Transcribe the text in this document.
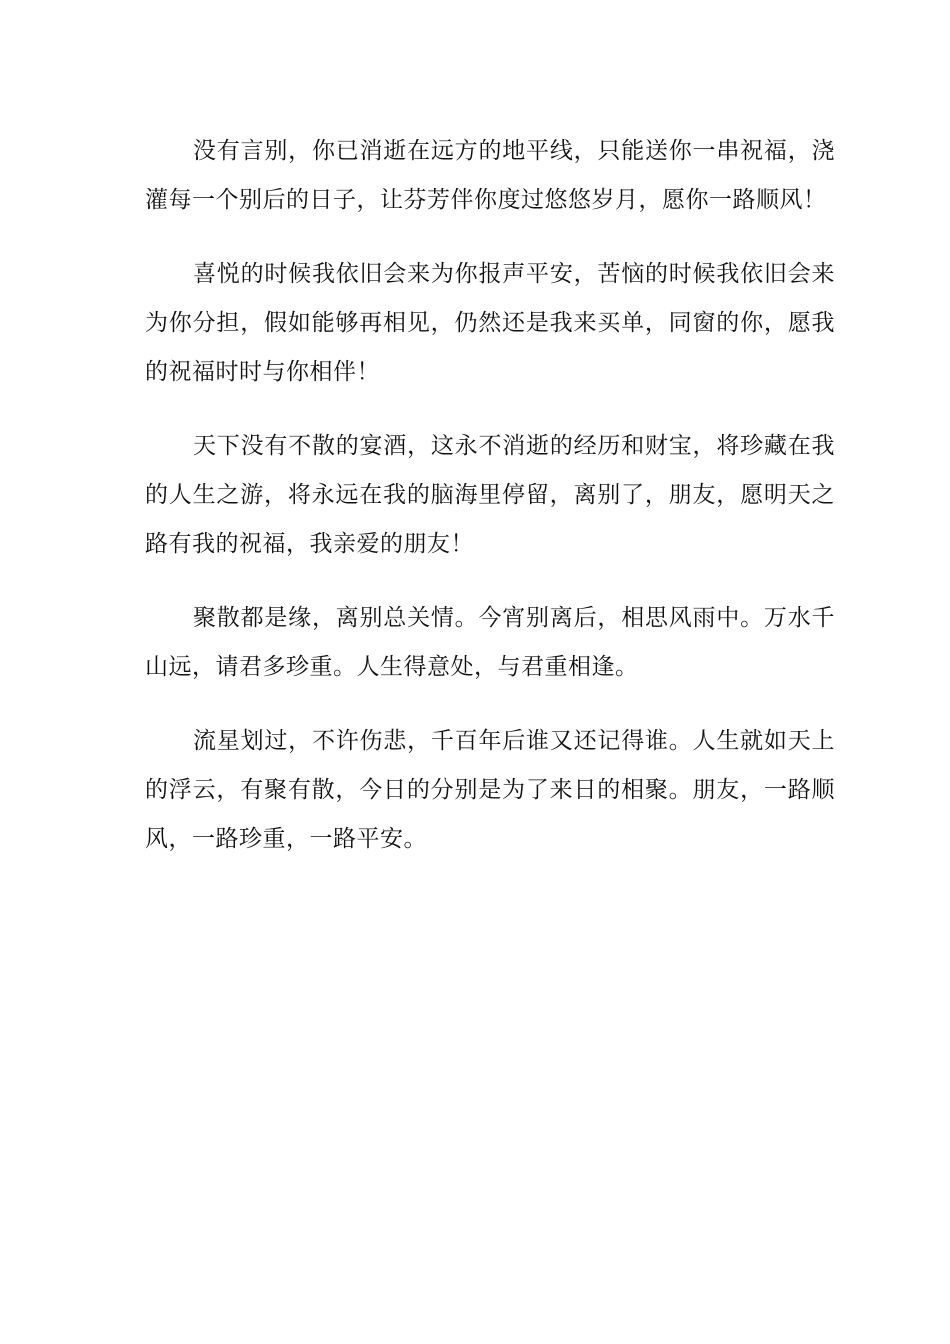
没有言别，你已消逝在远方的地平线，只能送你一串祝福，浇灌每一个别后的日子，让芬芳伴你度过悠悠岁月，愿你一路顺风！

喜悦的时候我依旧会来为你报声平安，苦恼的时候我依旧会来为你分担，假如能够再相见，仍然还是我来买单，同窗的你，愿我的祝福时时与你相伴！

天下没有不散的宴酒，这永不消逝的经历和财宝，将珍藏在我的人生之游，将永远在我的脑海里停留，离别了，朋友，愿明天之路有我的祝福，我亲爱的朋友！

聚散都是缘，离别总关情。今宵别离后，相思风雨中。万水千山远，请君多珍重。人生得意处，与君重相逢。

流星划过，不许伤悲，千百年后谁又还记得谁。人生就如天上的浮云，有聚有散，今日的分别是为了来日的相聚。朋友，一路顺风，一路珍重，一路平安。
